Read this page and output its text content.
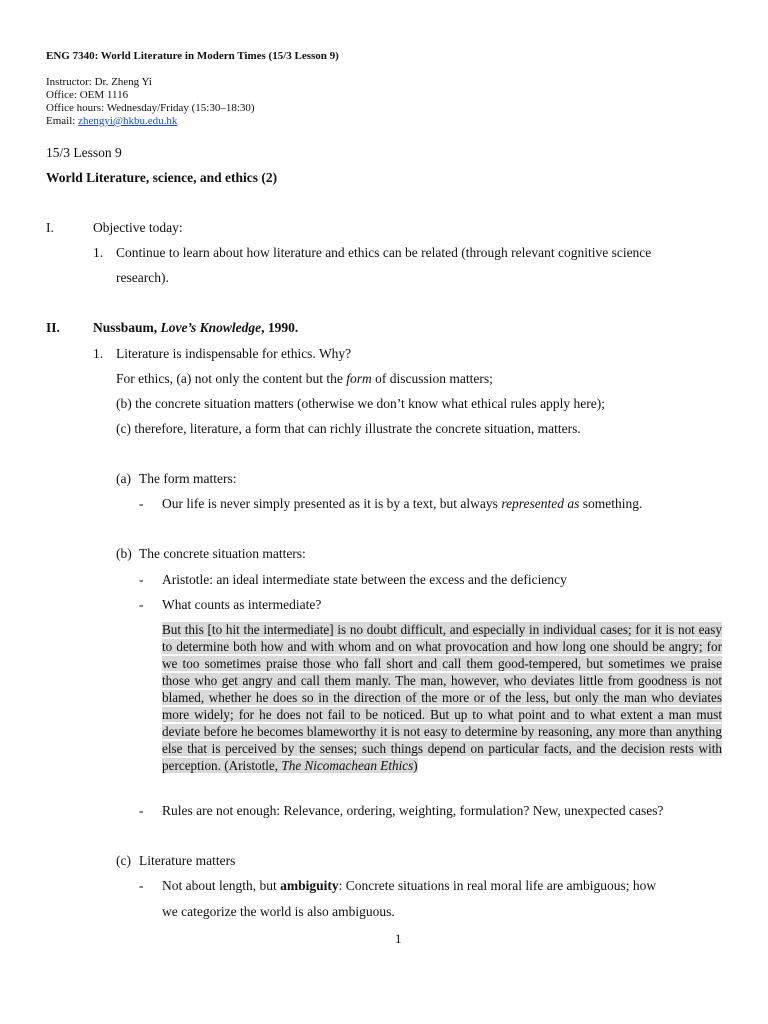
ENG 7340: World Literature in Modern Times (15/3 Lesson 9)
Instructor: Dr. Zheng Yi
Office: OEM 1116
Office hours: Wednesday/Friday (15:30–18:30)
Email: zhengyi@hkbu.edu.hk
15/3 Lesson 9
World Literature, science, and ethics (2)
I.	Objective today:
1. Continue to learn about how literature and ethics can be related (through relevant cognitive science
research).
II. Nussbaum, Love’s Knowledge, 1990.
1. Literature is indispensable for ethics. Why?
For ethics, (a) not only the content but the form of discussion matters;
(b) the concrete situation matters (otherwise we don’t know what ethical rules apply here);
(c) therefore, literature, a form that can richly illustrate the concrete situation, matters.
(a) The form matters:
- Our life is never simply presented as it is by a text, but always represented as something.
(b) The concrete situation matters:
- Aristotle: an ideal intermediate state between the excess and the deficiency
- What counts as intermediate?
But this [to hit the intermediate] is no doubt difficult, and especially in individual cases; for it is not easy to determine both how and with whom and on what provocation and how long one should be angry; for we too sometimes praise those who fall short and call them good-tempered, but sometimes we praise those who get angry and call them manly. The man, however, who deviates little from goodness is not blamed, whether he does so in the direction of the more or of the less, but only the man who deviates more widely; for he does not fail to be noticed. But up to what point and to what extent a man must deviate before he becomes blameworthy it is not easy to determine by reasoning, any more than anything else that is perceived by the senses; such things depend on particular facts, and the decision rests with perception. (Aristotle, The Nicomachean Ethics)
- Rules are not enough: Relevance, ordering, weighting, formulation? New, unexpected cases?
(c) Literature matters
- Not about length, but ambiguity: Concrete situations in real moral life are ambiguous; how
we categorize the world is also ambiguous.
1
